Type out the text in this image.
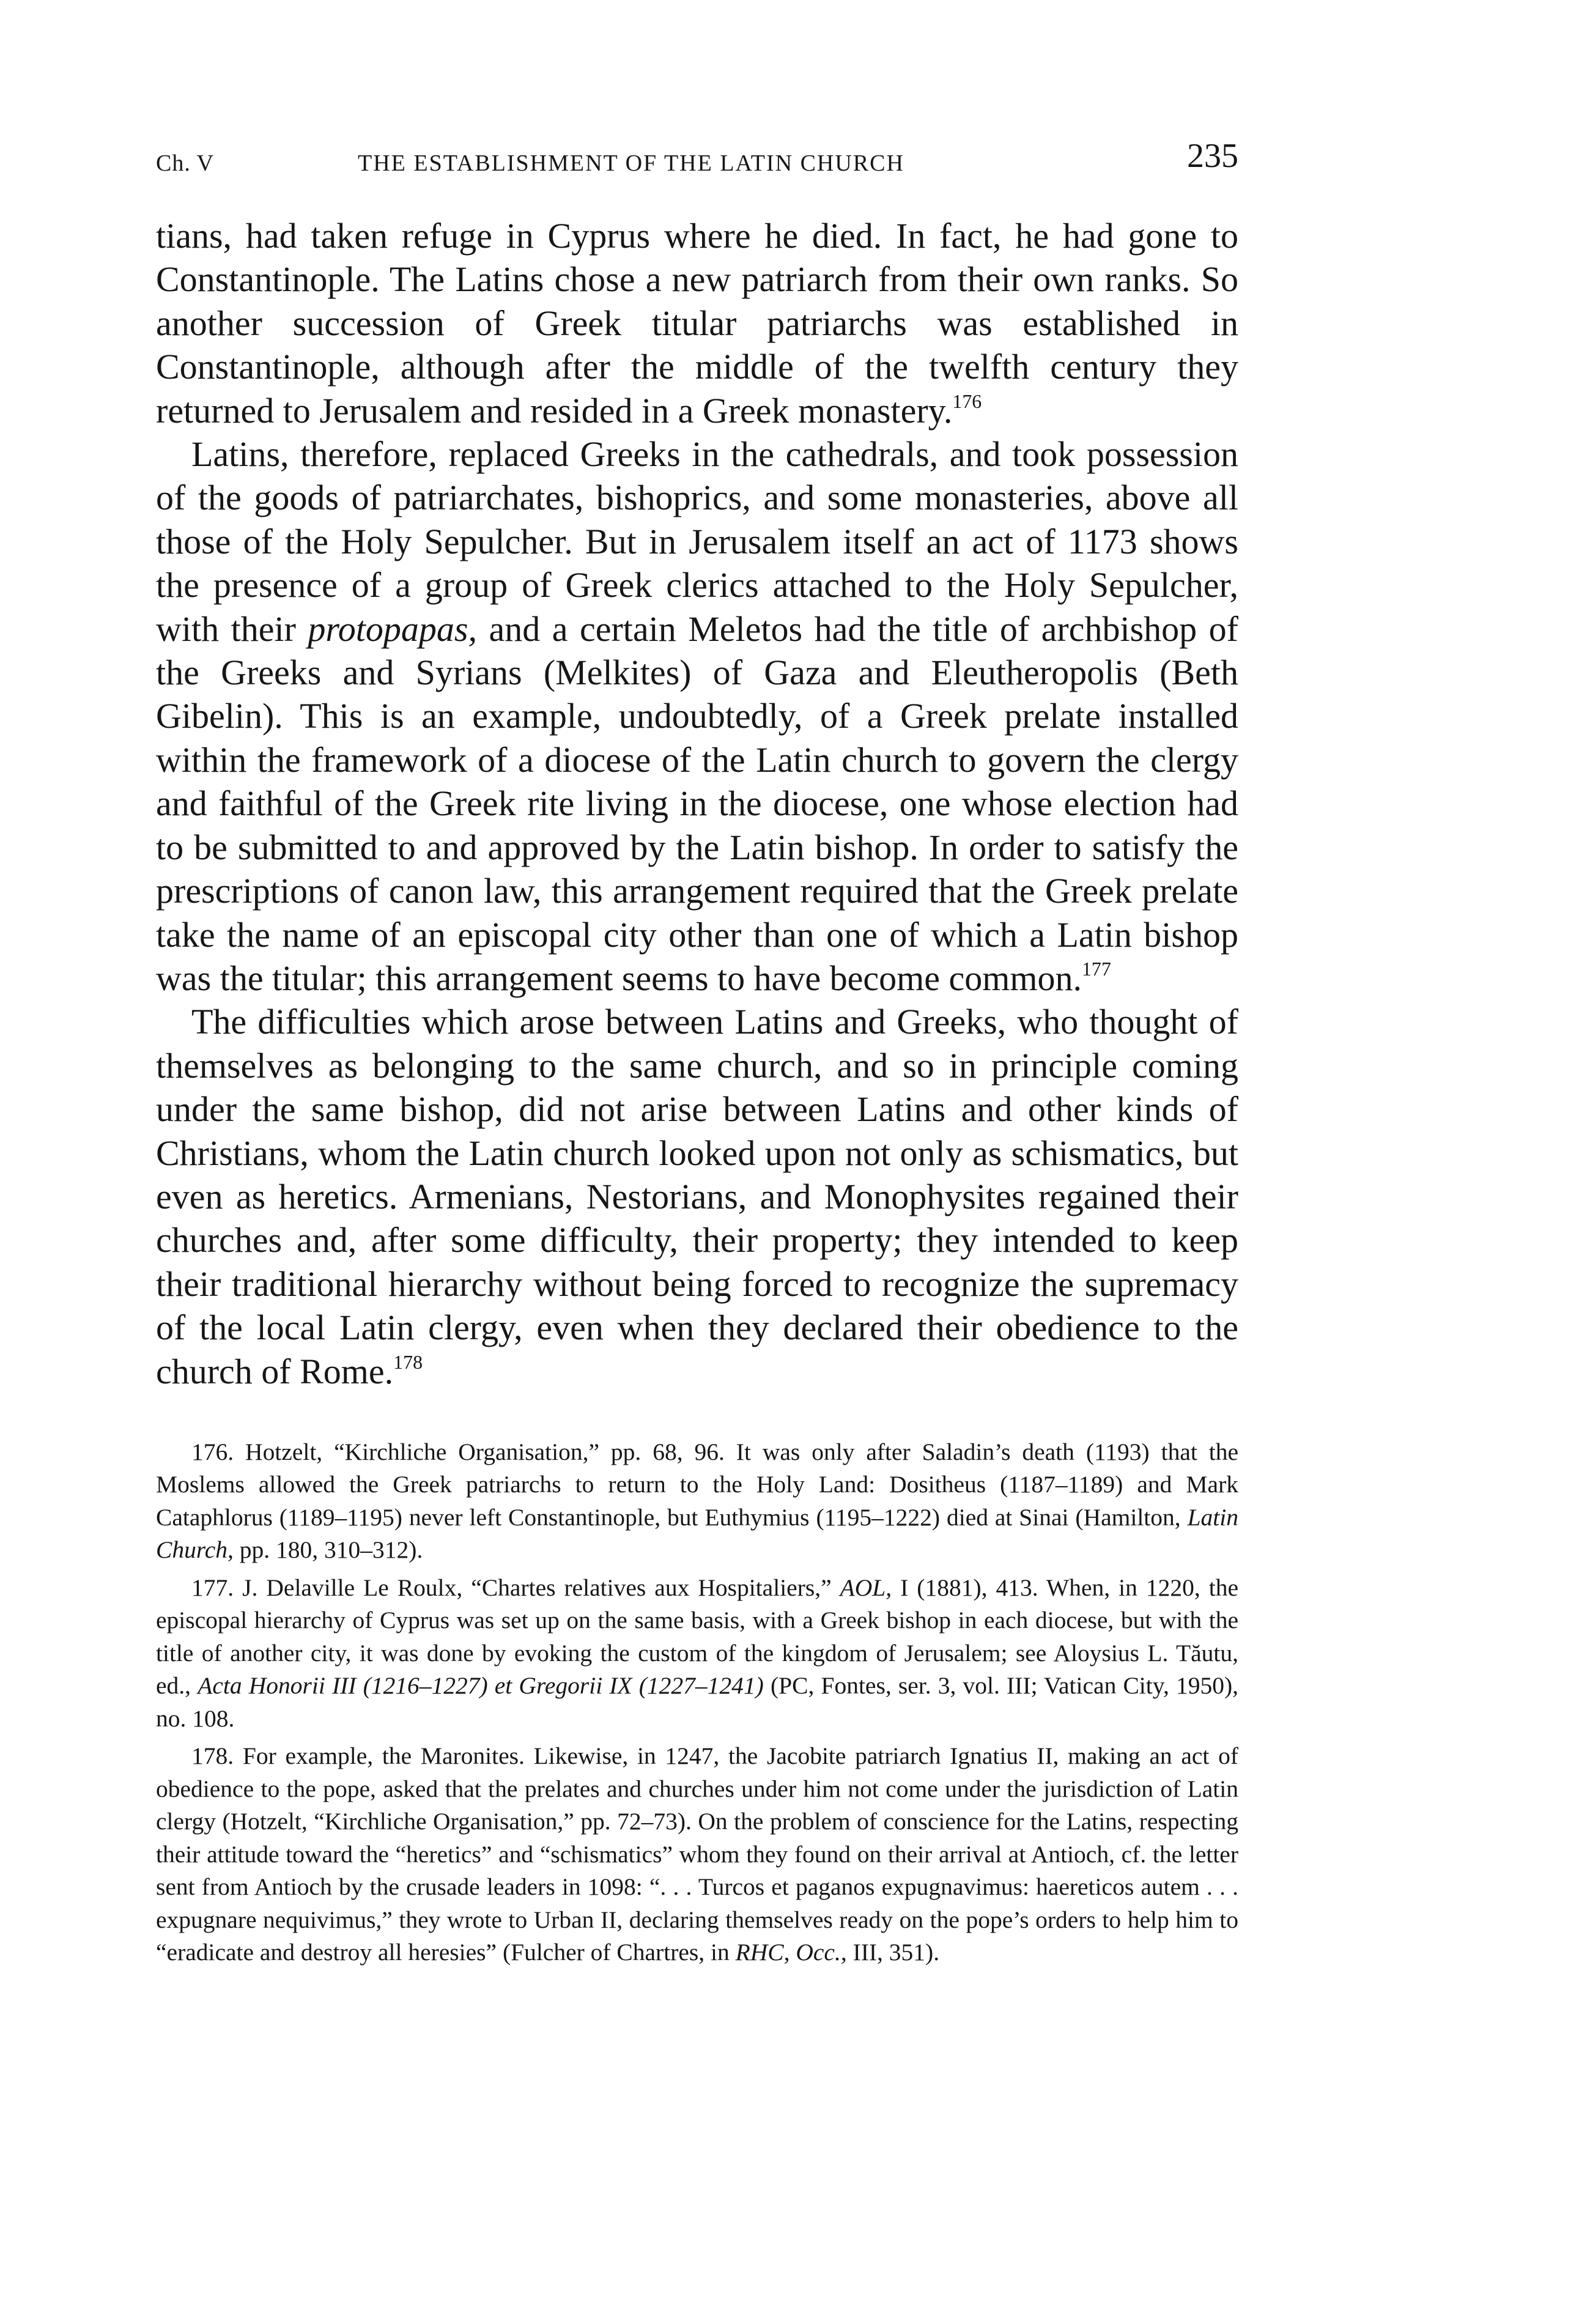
Ch. V	THE ESTABLISHMENT OF THE LATIN CHURCH	235

tians, had taken refuge in Cyprus where he died. In fact, he had gone to Constantinople. The Latins chose a new patriarch from their own ranks. So another succession of Greek titular patriarchs was established in Constantinople, although after the middle of the twelfth century they returned to Jerusalem and resided in a Greek monastery.$^{176}$

Latins, therefore, replaced Greeks in the cathedrals, and took possession of the goods of patriarchates, bishoprics, and some monasteries, above all those of the Holy Sepulcher. But in Jerusalem itself an act of 1173 shows the presence of a group of Greek clerics attached to the Holy Sepulcher, with their protopapas, and a certain Meletos had the title of archbishop of the Greeks and Syrians (Melkites) of Gaza and Eleutheropolis (Beth Gibelin). This is an example, undoubtedly, of a Greek prelate installed within the framework of a diocese of the Latin church to govern the clergy and faithful of the Greek rite living in the diocese, one whose election had to be submitted to and approved by the Latin bishop. In order to satisfy the prescriptions of canon law, this arrangement required that the Greek prelate take the name of an episcopal city other than one of which a Latin bishop was the titular; this arrangement seems to have become common.$^{177}$

The difficulties which arose between Latins and Greeks, who thought of themselves as belonging to the same church, and so in principle coming under the same bishop, did not arise between Latins and other kinds of Christians, whom the Latin church looked upon not only as schismatics, but even as heretics. Armenians, Nestorians, and Monophysites regained their churches and, after some difficulty, their property; they intended to keep their traditional hierarchy without being forced to recognize the supremacy of the local Latin clergy, even when they declared their obedience to the church of Rome.$^{178}$

176. Hotzelt, “Kirchliche Organisation,” pp. 68, 96. It was only after Saladin’s death (1193) that the Moslems allowed the Greek patriarchs to return to the Holy Land: Dositheus (1187–1189) and Mark Cataphlorus (1189–1195) never left Constantinople, but Euthymius (1195–1222) died at Sinai (Hamilton, Latin Church, pp. 180, 310–312).

177. J. Delaville Le Roulx, “Chartes relatives aux Hospitaliers,” AOL, I (1881), 413. When, in 1220, the episcopal hierarchy of Cyprus was set up on the same basis, with a Greek bishop in each diocese, but with the title of another city, it was done by evoking the custom of the kingdom of Jerusalem; see Aloysius L. Tăutu, ed., Acta Honorii III (1216–1227) et Gregorii IX (1227–1241) (PC, Fontes, ser. 3, vol. III; Vatican City, 1950), no. 108.

178. For example, the Maronites. Likewise, in 1247, the Jacobite patriarch Ignatius II, making an act of obedience to the pope, asked that the prelates and churches under him not come under the jurisdiction of Latin clergy (Hotzelt, “Kirchliche Organisation,” pp. 72–73). On the problem of conscience for the Latins, respecting their attitude toward the “heretics” and “schismatics” whom they found on their arrival at Antioch, cf. the letter sent from Antioch by the crusade leaders in 1098: “. . . Turcos et paganos expugnavimus: haereticos autem . . . expugnare nequivimus,” they wrote to Urban II, declaring themselves ready on the pope’s orders to help him to “eradicate and destroy all heresies” (Fulcher of Chartres, in RHC, Occ., III, 351).
